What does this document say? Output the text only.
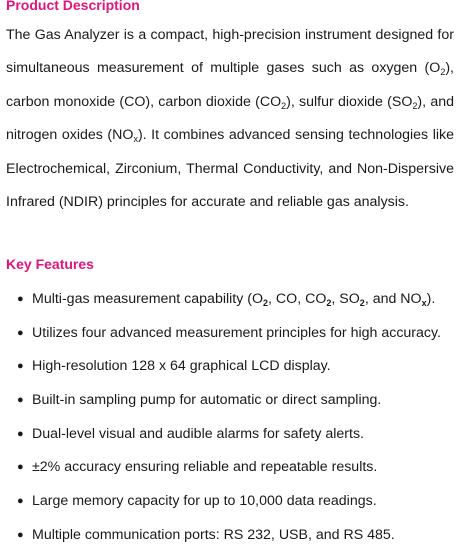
Product Description

The Gas Analyzer is a compact, high-precision instrument designed for simultaneous measurement of multiple gases such as oxygen $(O_2)$, carbon monoxide (CO), carbon dioxide $(CO_2)$, sulfur dioxide $(SO_2)$, and nitrogen oxides $(NO_x)$. It combines advanced sensing technologies like Electrochemical, Zirconium, Thermal Conductivity, and Non-Dispersive Infrared (NDIR) principles for accurate and reliable gas analysis.

Key Features
● Multi-gas measurement capability ($O_2$, CO, $CO_2$, $SO_2$, and $NO_x$).
● Utilizes four advanced measurement principles for high accuracy.
● High-resolution 128 x 64 graphical LCD display.
● Built-in sampling pump for automatic or direct sampling.
● Dual-level visual and audible alarms for safety alerts.
● ±2% accuracy ensuring reliable and repeatable results.
● Large memory capacity for up to 10,000 data readings.
● Multiple communication ports: RS 232, USB, and RS 485.
